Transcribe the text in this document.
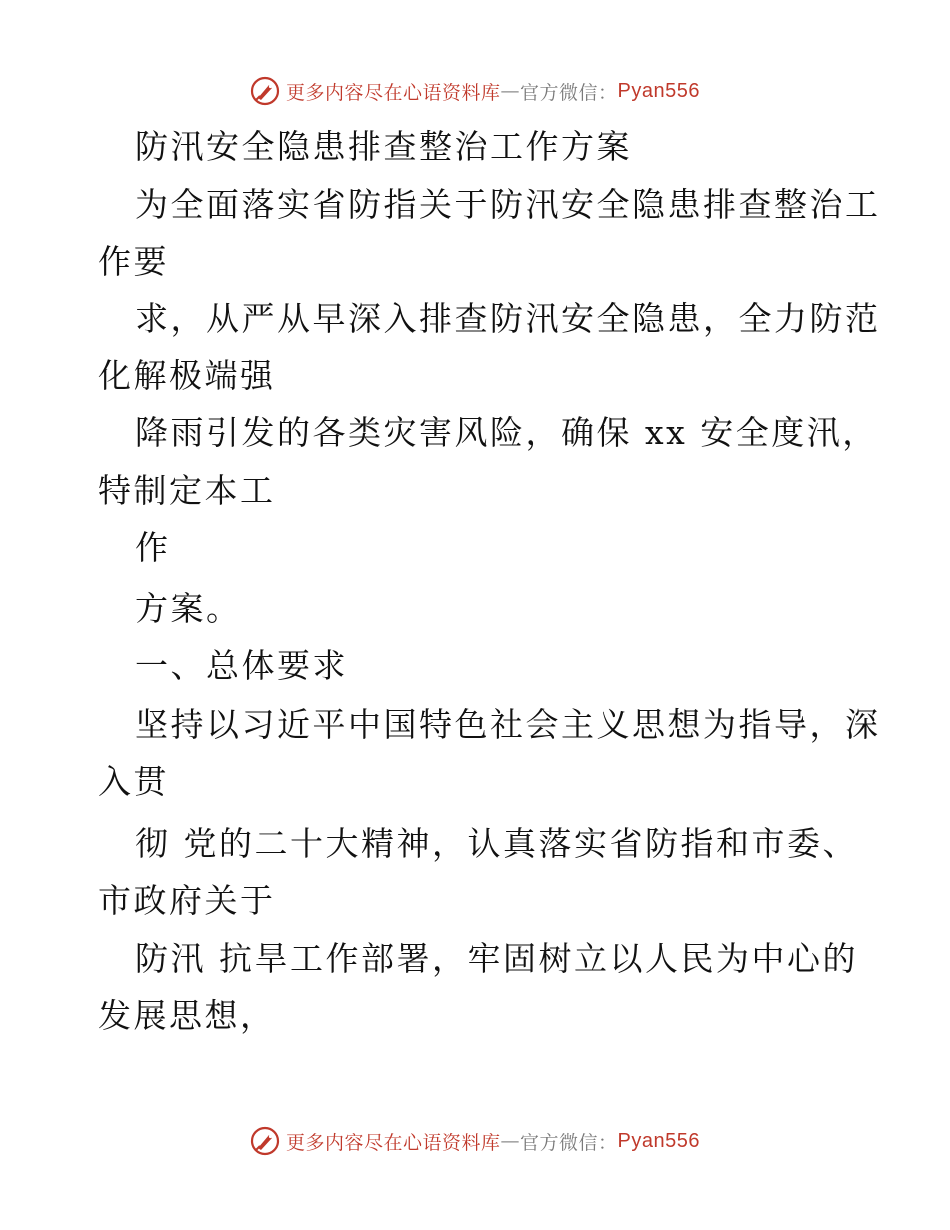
更多内容尽在心语资料库 — 官方微信 ： Pyan556
防汛安全隐患排查整治工作方案
为全面落实省防指关于防汛安全隐患排查整治工
作要
求，从严从早深入排查防汛安全隐患，全力防范
化解极端强
降雨引发的各类灾害风险，确保 xx 安全度汛，
特制定本工
作
方案。
一、总体要求
坚持以习近平中国特色社会主义思想为指导，深
入贯
彻 党的二十大精神，认真落实省防指和市委、
市政府关于
防汛 抗旱工作部署，牢固树立以人民为中心的
发展思想，
更多内容尽在心语资料库 — 官方微信 ： Pyan556
